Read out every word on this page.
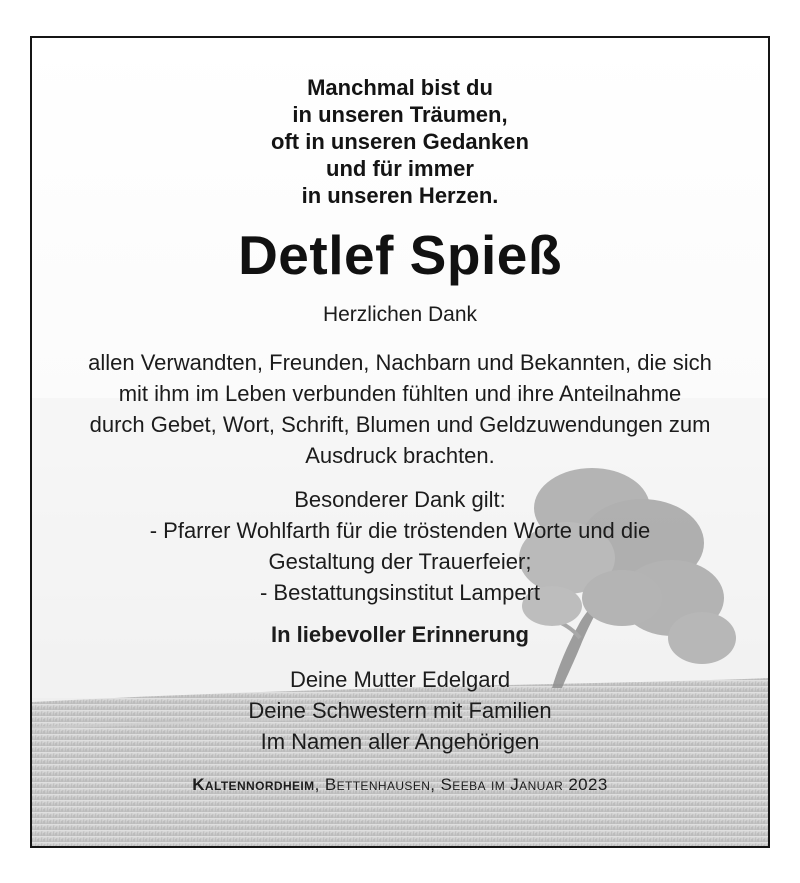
Manchmal bist du
in unseren Träumen,
oft in unseren Gedanken
und für immer
in unseren Herzen.
Detlef Spieß
Herzlichen Dank
allen Verwandten, Freunden, Nachbarn und Bekannten, die sich
mit ihm im Leben verbunden fühlten und ihre Anteilnahme
durch Gebet, Wort, Schrift, Blumen und Geldzuwendungen zum
Ausdruck brachten.
Besonderer Dank gilt:
- Pfarrer Wohlfarth für die tröstenden Worte und die
Gestaltung der Trauerfeier;
- Bestattungsinstitut Lampert
In liebevoller Erinnerung
Deine Mutter Edelgard
Deine Schwestern mit Familien
Im Namen aller Angehörigen
Kaltennordheim, Bettenhausen, Seeba im Januar 2023
